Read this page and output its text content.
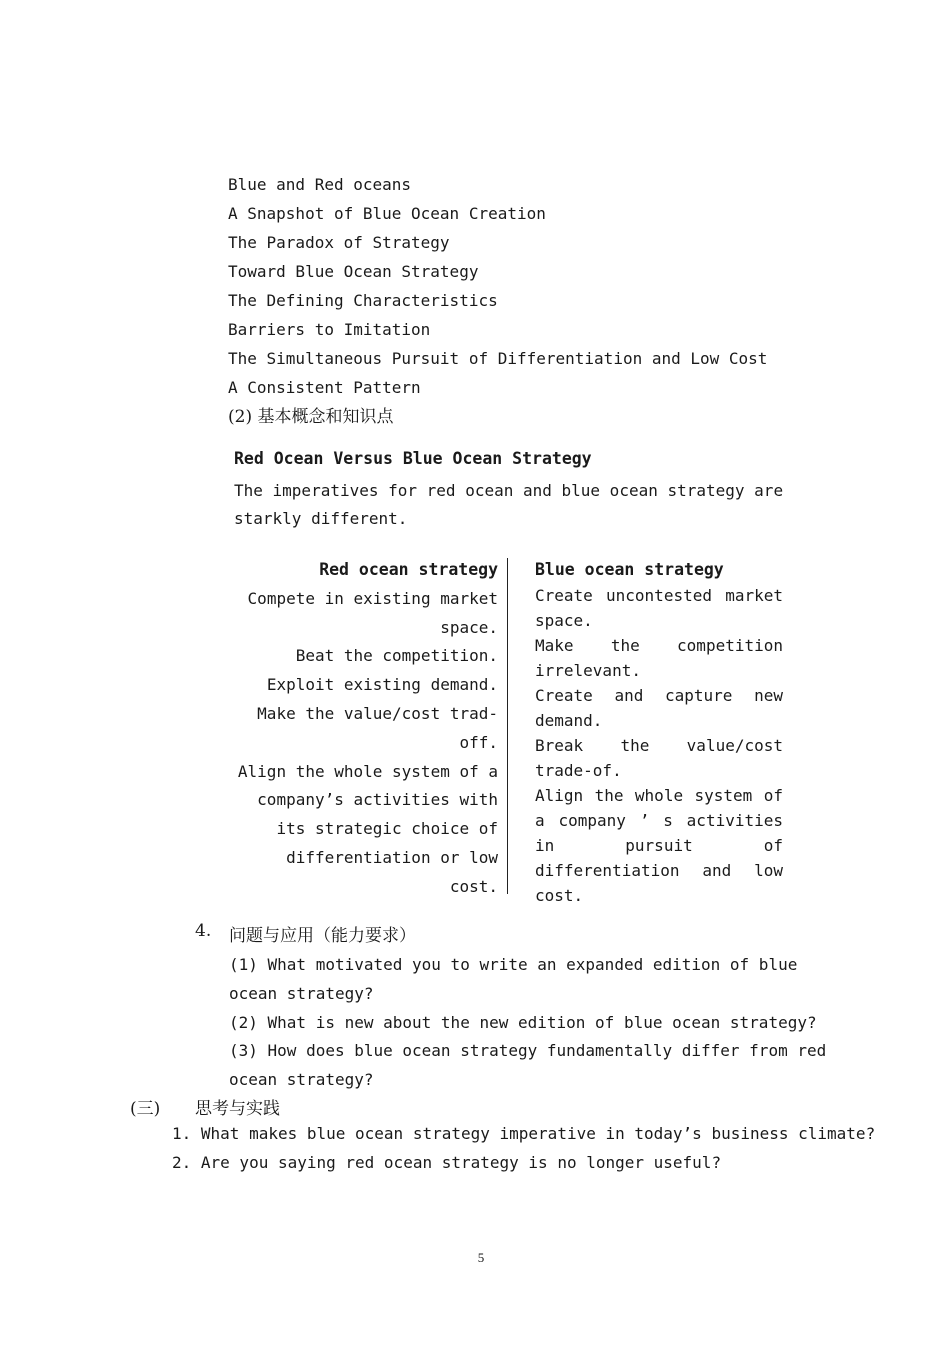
Blue and Red oceans
A Snapshot of Blue Ocean Creation
The Paradox of Strategy
Toward Blue Ocean Strategy
The Defining Characteristics
Barriers to Imitation
The Simultaneous Pursuit of Differentiation and Low Cost
A Consistent Pattern
(2) 基本概念和知识点
Red Ocean Versus Blue Ocean Strategy
The imperatives for red ocean and blue ocean strategy are starkly different.
Red ocean strategy
Compete in existing market space.
Beat the competition.
Exploit existing demand.
Make the value/cost trad-off.
Align the whole system of a company’s activities with its strategic choice of differentiation or low cost.
Blue ocean strategy
Create uncontested market space.
Make the competition irrelevant.
Create and capture new demand.
Break the value/cost trade-of.
Align the whole system of a company ’ s activities in pursuit of differentiation and low cost.
4. 问题与应用（能力要求）
(1) What motivated you to write an expanded edition of blue ocean strategy?
(2) What is new about the new edition of blue ocean strategy?
(3) How does blue ocean strategy fundamentally differ from red ocean strategy?
(三) 思考与实践
1. What makes blue ocean strategy imperative in today’s business climate?
2. Are you saying red ocean strategy is no longer useful?
5
